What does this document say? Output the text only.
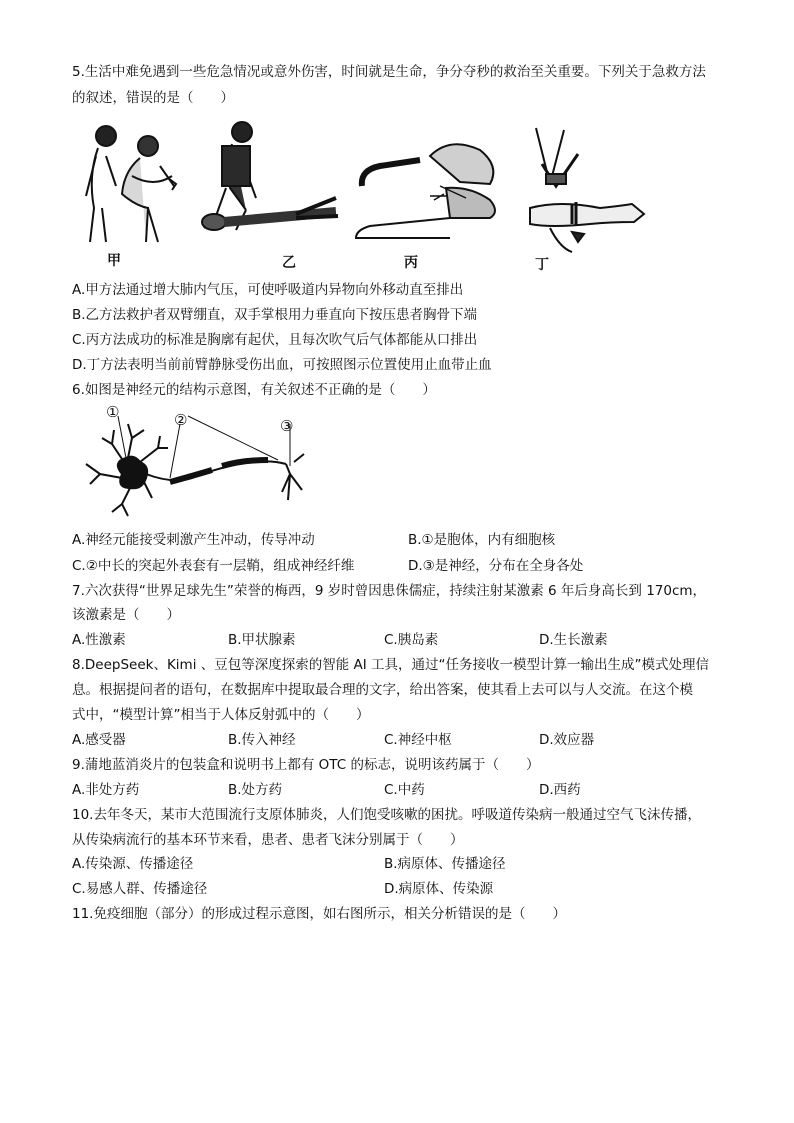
5.生活中难免遇到一些危急情况或意外伤害，时间就是生命，争分夺秒的救治至关重要。下列关于急救方法
的叙述，错误的是（　　）
甲	乙	丙	丁
A.甲方法通过增大肺内气压，可使呼吸道内异物向外移动直至排出
B.乙方法救护者双臂绷直，双手掌根用力垂直向下按压患者胸骨下端
C.丙方法成功的标准是胸廓有起伏，且每次吹气后气体都能从口排出
D.丁方法表明当前前臂静脉受伤出血，可按照图示位置使用止血带止血
6.如图是神经元的结构示意图，有关叙述不正确的是（　　）
①	②	③
A.神经元能接受刺激产生冲动，传导冲动	B.①是胞体，内有细胞核
C.②中长的突起外表套有一层鞘，组成神经纤维	D.③是神经，分布在全身各处
7.六次获得“世界足球先生”荣誉的梅西，9 岁时曾因患侏儒症，持续注射某激素 6 年后身高长到 170cm，
该激素是（　　）
A.性激素	B.甲状腺素	C.胰岛素	D.生长激素
8.DeepSeek、Kimi 、豆包等深度探索的智能 AI 工具，通过“任务接收一模型计算一输出生成”模式处理信
息。根据提问者的语句，在数据库中提取最合理的文字，给出答案，使其看上去可以与人交流。在这个模
式中，“模型计算”相当于人体反射弧中的（　　）
A.感受器	B.传入神经	C.神经中枢	D.效应器
9.蒲地蓝消炎片的包装盒和说明书上都有 OTC 的标志，说明该药属于（　　）
A.非处方药	B.处方药	C.中药	D.西药
10.去年冬天，某市大范围流行支原体肺炎，人们饱受咳嗽的困扰。呼吸道传染病一般通过空气飞沫传播，
从传染病流行的基本环节来看，患者、患者飞沫分别属于（　　）
A.传染源、传播途径	B.病原体、传播途径
C.易感人群、传播途径	D.病原体、传染源
11.免疫细胞（部分）的形成过程示意图，如右图所示，相关分析错误的是（　　）
